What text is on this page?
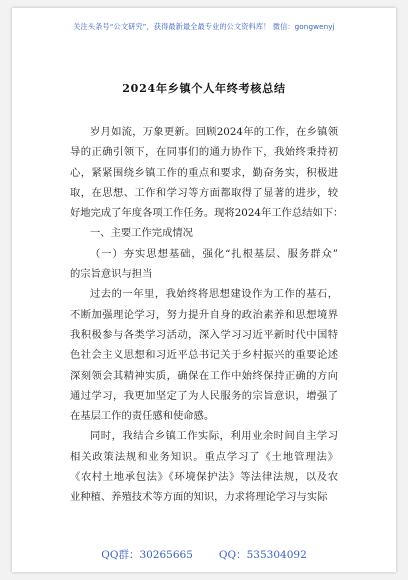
关注头条号“公文研究”，获得最新最全最专业的公文资料库！ 微信：gongwenyj
2024年乡镇个人年终考核总结
岁月如流，万象更新。回顾2024年的工作，在乡镇领
导的正确引领下，在同事们的通力协作下，我始终秉持初
心，紧紧围绕乡镇工作的重点和要求，勤奋务实，积极进
取，在思想、工作和学习等方面都取得了显著的进步，较
好地完成了年度各项工作任务。现将2024年工作总结如下：
一、主要工作完成情况
（一）夯实思想基础，强化“扎根基层、服务群众”
的宗旨意识与担当
过去的一年里，我始终将思想建设作为工作的基石，
不断加强理论学习，努力提升自身的政治素养和思想境界
我积极参与各类学习活动，深入学习习近平新时代中国特
色社会主义思想和习近平总书记关于乡村振兴的重要论述
深刻领会其精神实质，确保在工作中始终保持正确的方向
通过学习，我更加坚定了为人民服务的宗旨意识，增强了
在基层工作的责任感和使命感。
同时，我结合乡镇工作实际，利用业余时间自主学习
相关政策法规和业务知识。重点学习了《土地管理法》
《农村土地承包法》《环境保护法》等法律法规，以及农
业种植、养殖技术等方面的知识，力求将理论学习与实际
QQ群：30265665 QQ：535304092
